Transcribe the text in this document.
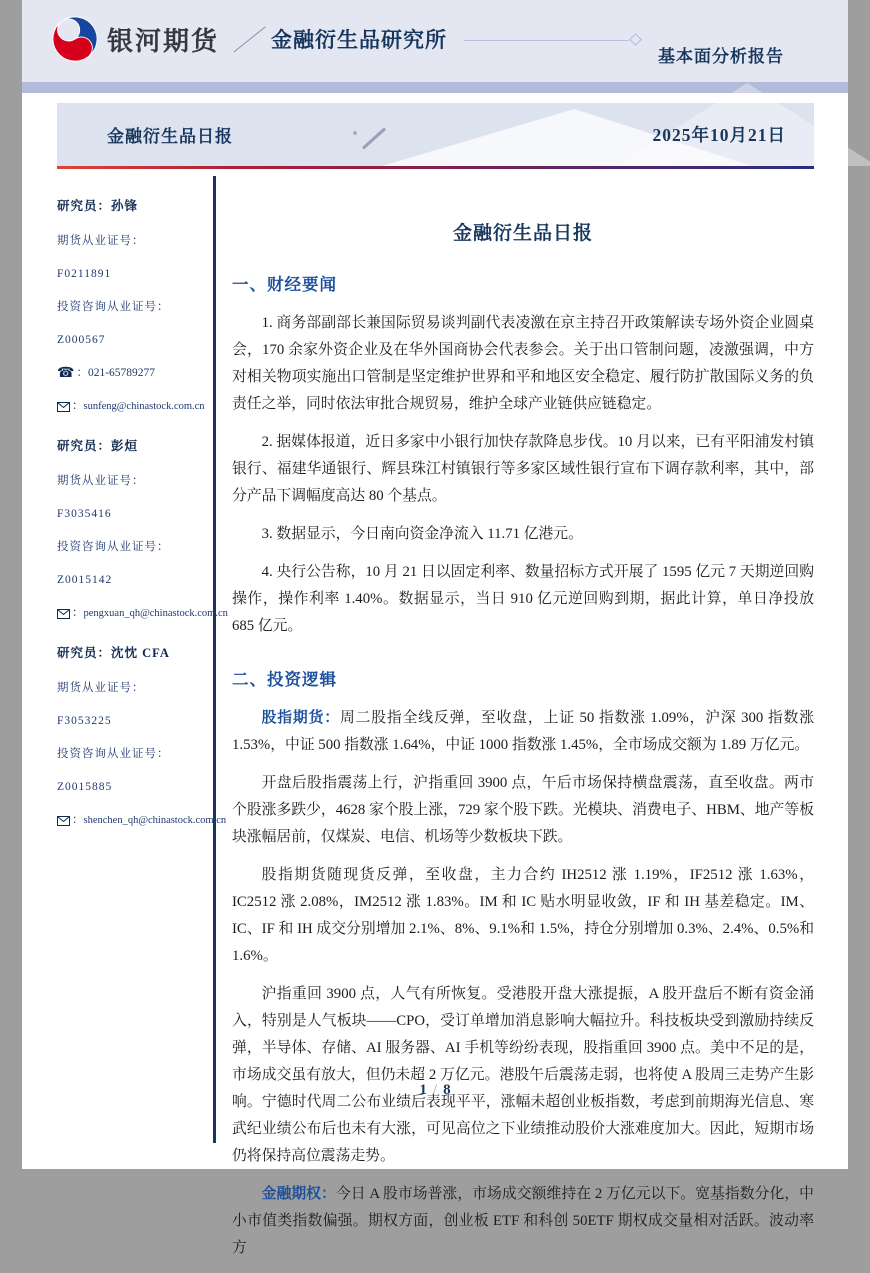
银河期货 ／ 金融衍生品研究所
基本面分析报告
金融衍生品日报	2025年10月21日
研究员：孙锋
期货从业证号：
F0211891
投资咨询从业证号：
Z000567
☎ ： 021-65789277
： sunfeng@chinastock.com.cn
研究员：彭烜
期货从业证号：
F3035416
投资咨询从业证号：
Z0015142
： pengxuan_qh@chinastock.com.cn
研究员：沈忱 CFA
期货从业证号：
F3053225
投资咨询从业证号：
Z0015885
： shenchen_qh@chinastock.com.cn
金融衍生品日报
一、财经要闻

1. 商务部副部长兼国际贸易谈判副代表凌激在京主持召开政策解读专场外资企业圆桌会，170 余家外资企业及在华外国商协会代表参会。关于出口管制问题，凌激强调，中方对相关物项实施出口管制是坚定维护世界和平和地区安全稳定、履行防扩散国际义务的负责任之举，同时依法审批合规贸易，维护全球产业链供应链稳定。

2. 据媒体报道，近日多家中小银行加快存款降息步伐。10 月以来，已有平阳浦发村镇银行、福建华通银行、辉县珠江村镇银行等多家区域性银行宣布下调存款利率，其中，部分产品下调幅度高达 80 个基点。

3. 数据显示，今日南向资金净流入 11.71 亿港元。

4. 央行公告称，10 月 21 日以固定利率、数量招标方式开展了 1595 亿元 7 天期逆回购操作，操作利率 1.40%。数据显示，当日 910 亿元逆回购到期，据此计算，单日净投放 685 亿元。

二、投资逻辑

股指期货：周二股指全线反弹，至收盘，上证 50 指数涨 1.09%，沪深 300 指数涨 1.53%，中证 500 指数涨 1.64%，中证 1000 指数涨 1.45%，全市场成交额为 1.89 万亿元。

开盘后股指震荡上行，沪指重回 3900 点，午后市场保持横盘震荡，直至收盘。两市个股涨多跌少，4628 家个股上涨，729 家个股下跌。光模块、消费电子、HBM、地产等板块涨幅居前，仅煤炭、电信、机场等少数板块下跌。

股指期货随现货反弹，至收盘，主力合约 IH2512 涨 1.19%，IF2512 涨 1.63%，IC2512 涨 2.08%，IM2512 涨 1.83%。IM 和 IC 贴水明显收敛，IF 和 IH 基差稳定。IM、IC、IF 和 IH 成交分别增加 2.1%、8%、9.1%和 1.5%，持仓分别增加 0.3%、2.4%、0.5%和 1.6%。

沪指重回 3900 点，人气有所恢复。受港股开盘大涨提振，A 股开盘后不断有资金涌入，特别是人气板块——CPO，受订单增加消息影响大幅拉升。科技板块受到激励持续反弹，半导体、存储、AI 服务器、AI 手机等纷纷表现，股指重回 3900 点。美中不足的是，市场成交虽有放大，但仍未超 2 万亿元。港股午后震荡走弱，也将使 A 股周三走势产生影响。宁德时代周二公布业绩后表现平平，涨幅未超创业板指数，考虑到前期海光信息、寒武纪业绩公布后也未有大涨，可见高位之下业绩推动股价大涨难度加大。因此，短期市场仍将保持高位震荡走势。

金融期权：今日 A 股市场普涨，市场成交额维持在 2 万亿元以下。宽基指数分化，中小市值类指数偏强。期权方面，创业板 ETF 和科创 50ETF 期权成交量相对活跃。波动率方

1 / 8
